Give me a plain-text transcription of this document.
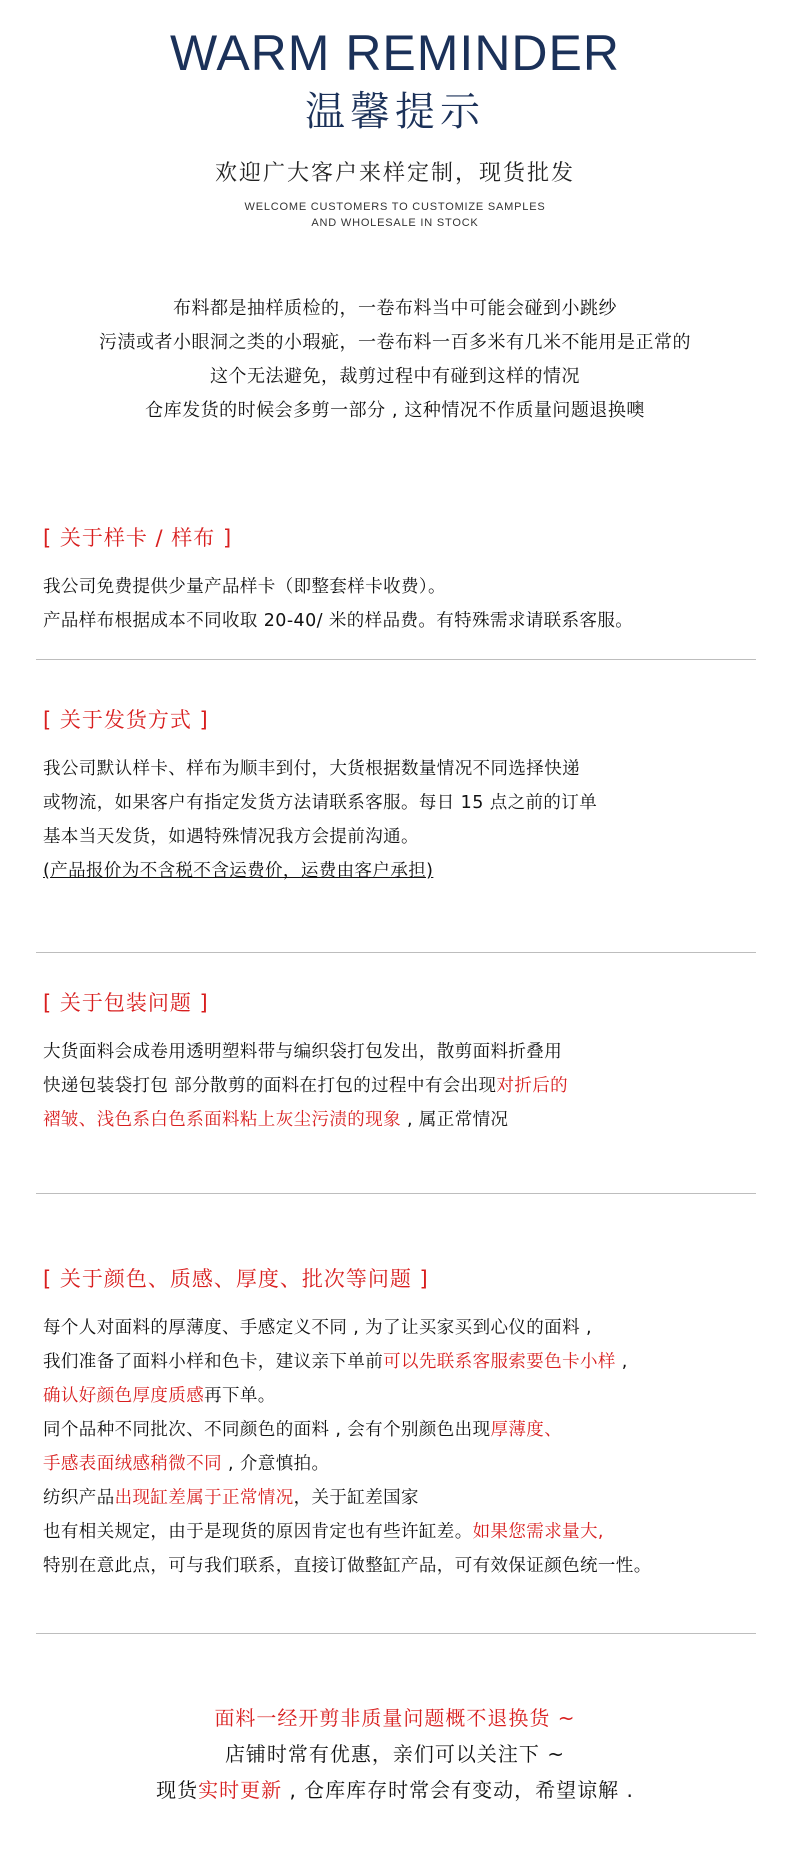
WARM REMINDER
温馨提示
欢迎广大客户来样定制，现货批发
WELCOME CUSTOMERS TO CUSTOMIZE SAMPLES
AND WHOLESALE IN STOCK

布料都是抽样质检的，一卷布料当中可能会碰到小跳纱

污渍或者小眼洞之类的小瑕疵，一卷布料一百多米有几米不能用是正常的

这个无法避免，裁剪过程中有碰到这样的情况

仓库发货的时候会多剪一部分 , 这种情况不作质量问题退换噢

[ 关于样卡 / 样布 ]

我公司免费提供少量产品样卡（即整套样卡收费）。

产品样布根据成本不同收取 20-40/ 米的样品费。有特殊需求请联系客服。

[ 关于发货方式 ]

我公司默认样卡、样布为顺丰到付，大货根据数量情况不同选择快递

或物流，如果客户有指定发货方法请联系客服。每日 15 点之前的订单

基本当天发货，如遇特殊情况我方会提前沟通。

(产品报价为不含税不含运费价，运费由客户承担)

[ 关于包装问题 ]

大货面料会成卷用透明塑料带与编织袋打包发出，散剪面料折叠用

快递包装袋打包 部分散剪的面料在打包的过程中有会出现对折后的

褶皱、浅色系白色系面料粘上灰尘污渍的现象 , 属正常情况

[ 关于颜色、质感、厚度、批次等问题 ]

每个人对面料的厚薄度、手感定义不同 , 为了让买家买到心仪的面料 ,

我们准备了面料小样和色卡，建议亲下单前可以先联系客服索要色卡小样 ,

确认好颜色厚度质感再下单。

同个品种不同批次、不同颜色的面料 , 会有个别颜色出现厚薄度、

手感表面绒感稍微不同 , 介意慎拍。

纺织产品出现缸差属于正常情况，关于缸差国家

也有相关规定，由于是现货的原因肯定也有些许缸差。如果您需求量大,

特别在意此点，可与我们联系，直接订做整缸产品，可有效保证颜色统一性。

面料一经开剪非质量问题概不退换货 ~

店铺时常有优惠，亲们可以关注下 ~

现货实时更新 , 仓库库存时常会有变动，希望谅解 .
